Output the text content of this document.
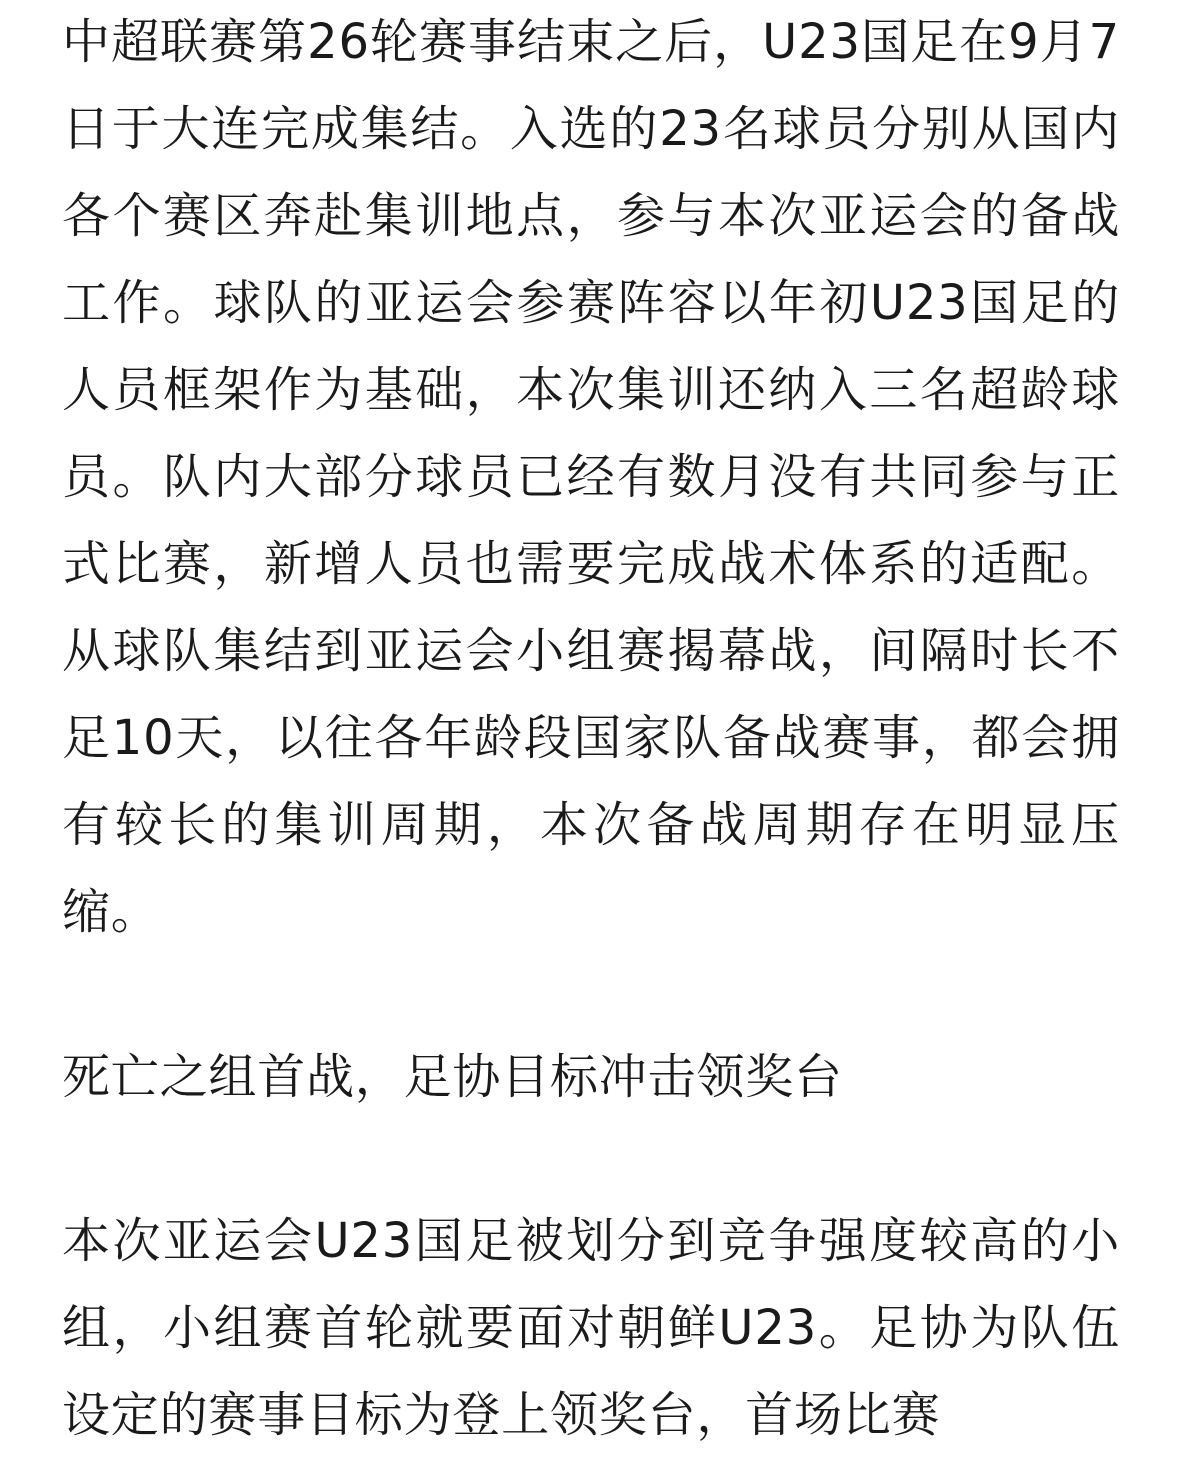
中超联赛第26轮赛事结束之后，U23国足在9月7日于大连完成集结。入选的23名球员分别从国内各个赛区奔赴集训地点，参与本次亚运会的备战工作。球队的亚运会参赛阵容以年初U23国足的人员框架作为基础，本次集训还纳入三名超龄球员。队内大部分球员已经有数月没有共同参与正式比赛，新增人员也需要完成战术体系的适配。从球队集结到亚运会小组赛揭幕战，间隔时长不足10天，以往各年龄段国家队备战赛事，都会拥有较长的集训周期，本次备战周期存在明显压缩。

死亡之组首战，足协目标冲击领奖台

本次亚运会U23国足被划分到竞争强度较高的小组，小组赛首轮就要面对朝鲜U23。足协为队伍设定的赛事目标为登上领奖台，首场比赛
